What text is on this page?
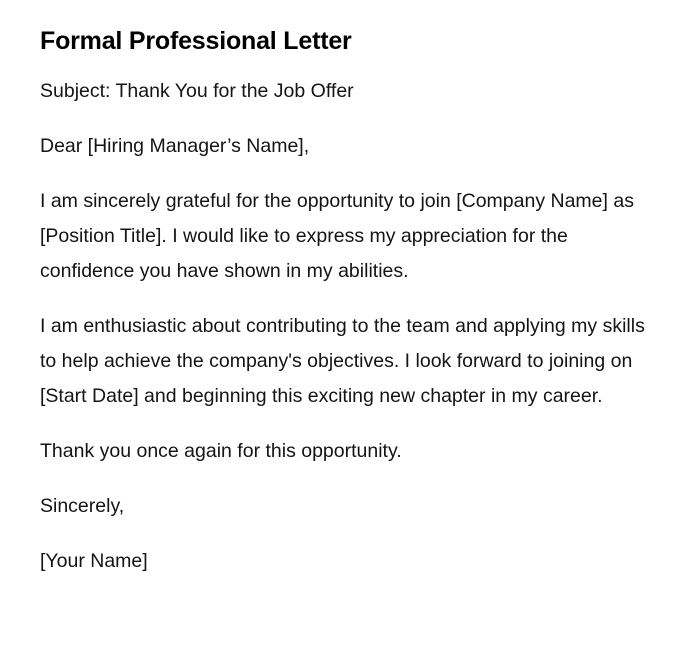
Formal Professional Letter

Subject: Thank You for the Job Offer

Dear [Hiring Manager’s Name],

I am sincerely grateful for the opportunity to join [Company Name] as [Position Title]. I would like to express my appreciation for the confidence you have shown in my abilities.

I am enthusiastic about contributing to the team and applying my skills to help achieve the company's objectives. I look forward to joining on [Start Date] and beginning this exciting new chapter in my career.

Thank you once again for this opportunity.

Sincerely,

[Your Name]
